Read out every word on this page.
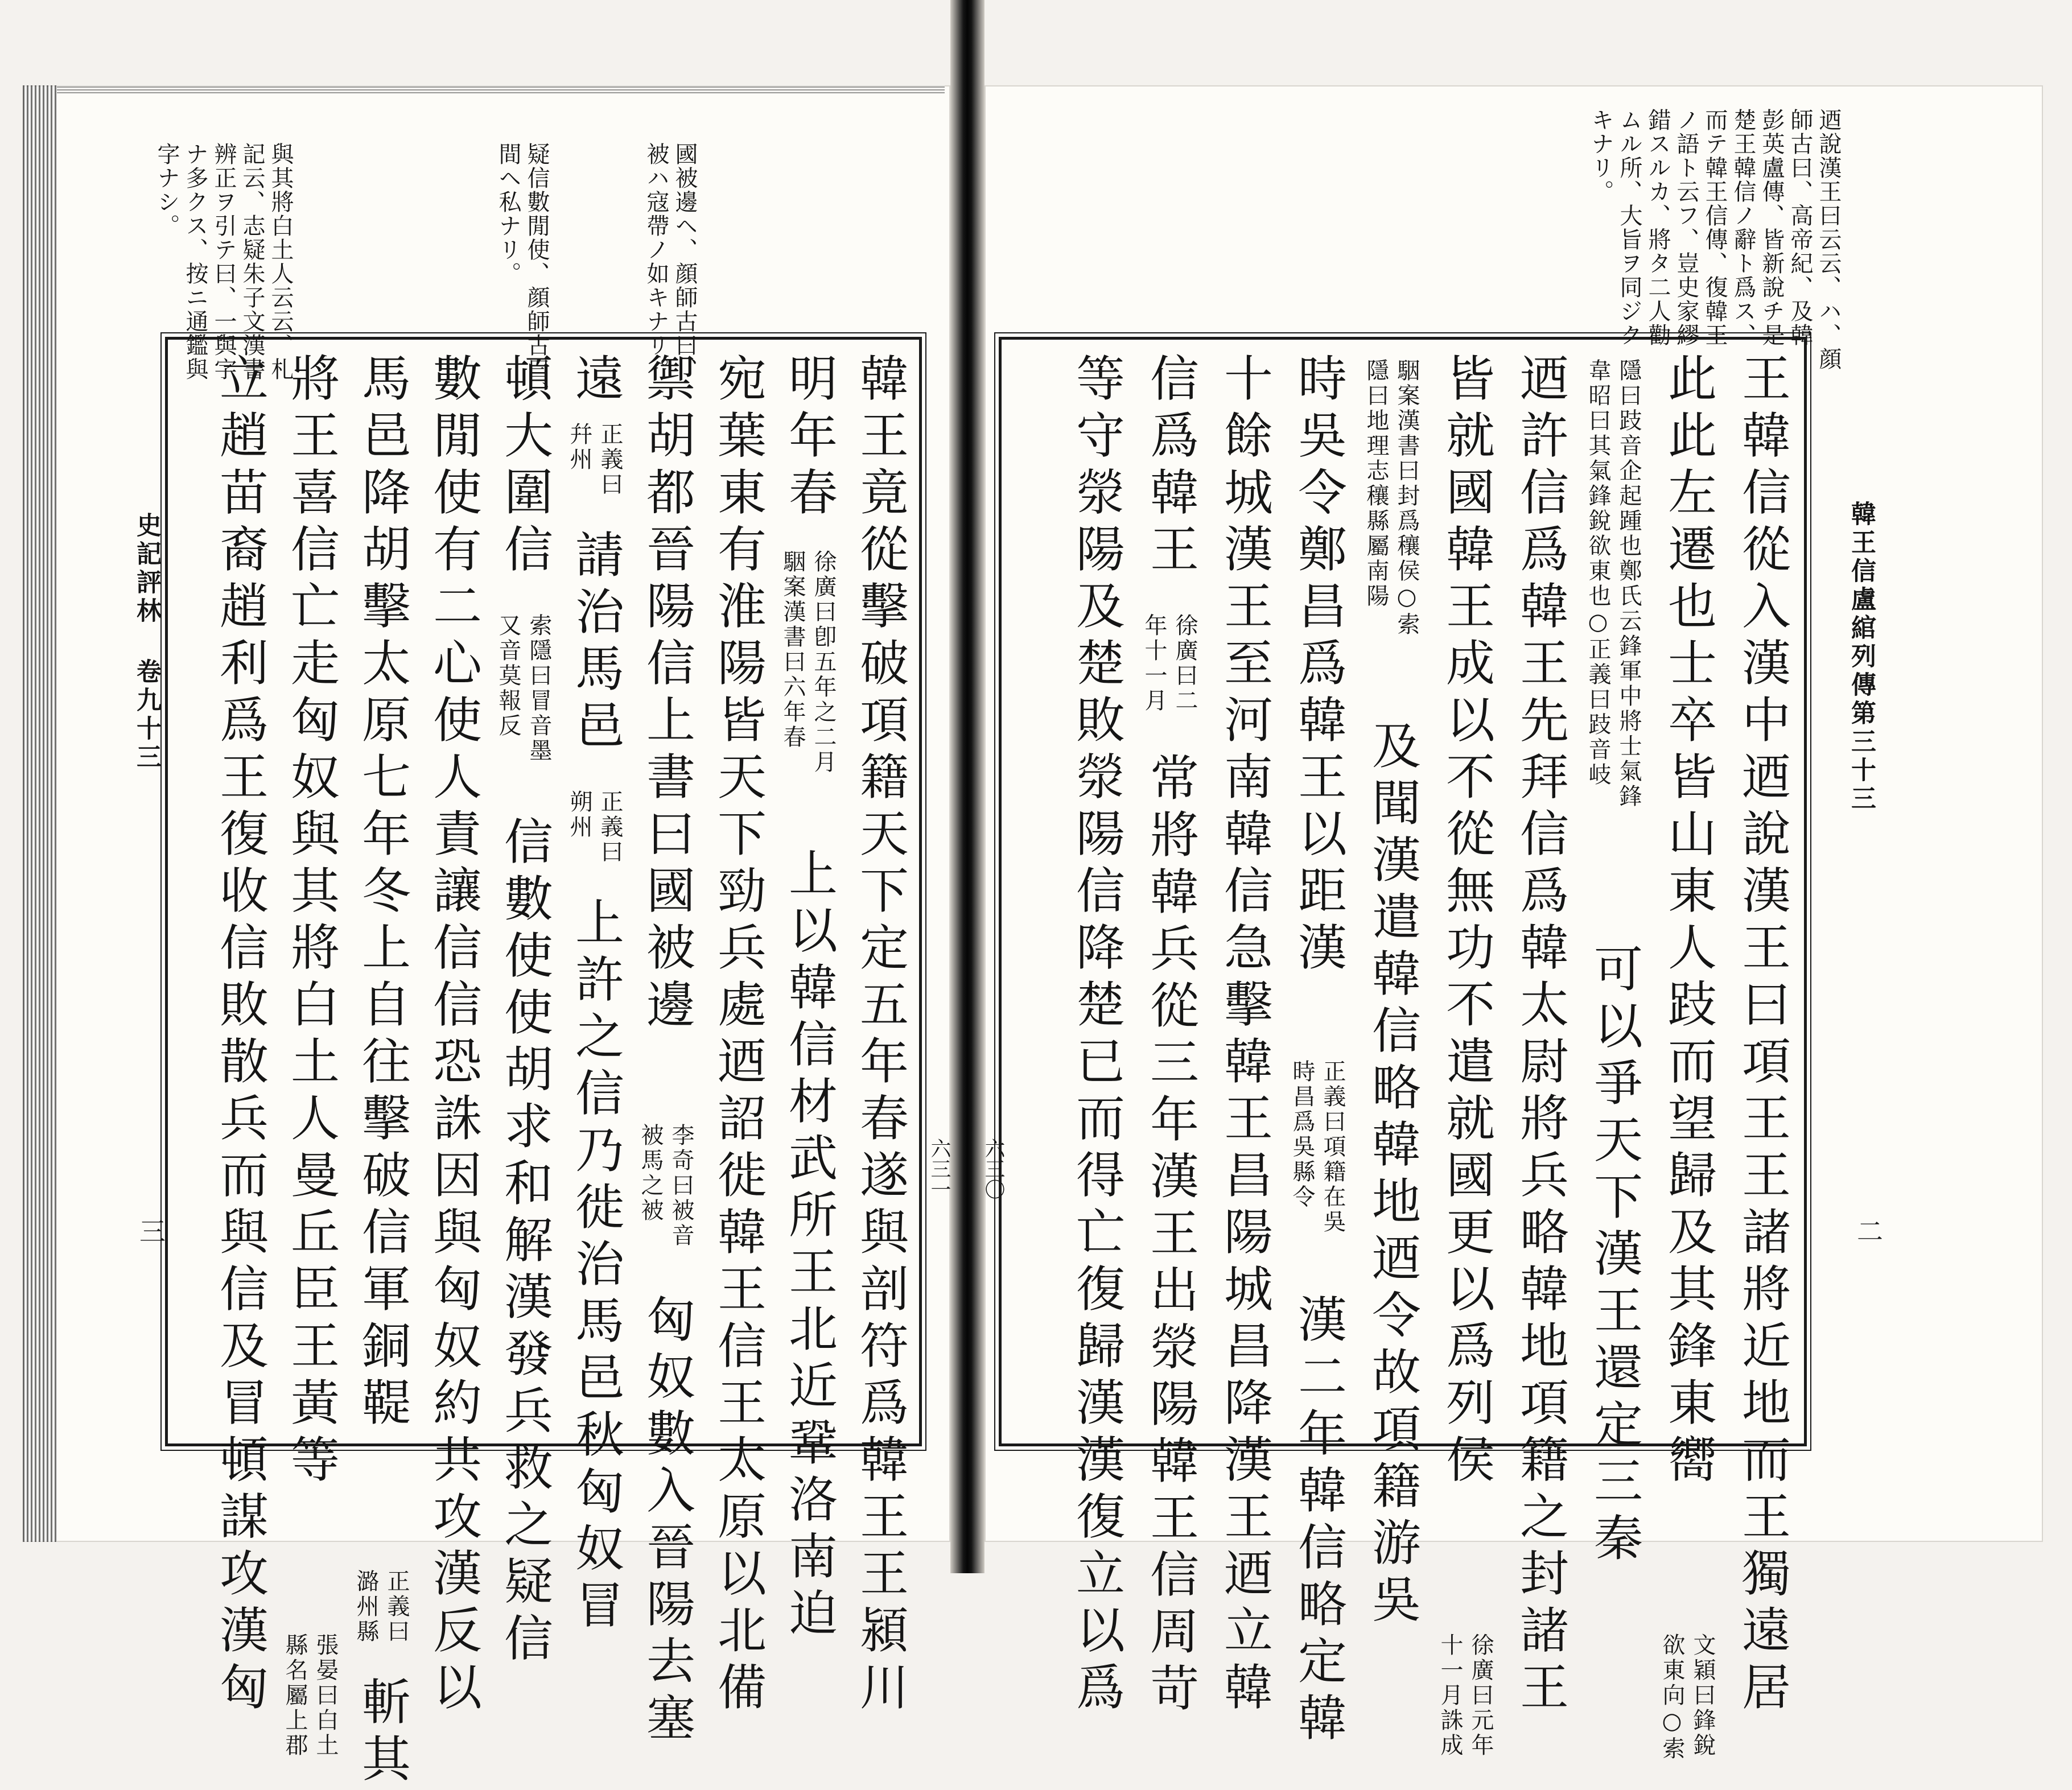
韓王信盧綰列傳第三十三
二
六三〇
史記評林 卷九十三
三
六三一
迺說漢王曰云云、ハ、顔
師古曰、高帝紀、及韓
彭英盧傳、皆新說チ是
楚王韓信ノ辭ト爲ス、
而テ韓王信傳、復韓王
ノ語ト云フ、豈史家繆
錯スルカ、將タ二人勸
ムル所、大旨ヲ同ジク
キナリ。
與其將白土人云云、札
記云、志疑朱子文漢書
辨正ヲ引テ曰、一與字
ナ多クス、按ニ通鑑與
字ナシ。	疑信數閒使、顔師古曰、
間ヘ私ナリ。	國被邊ヘ、顔師古曰、
被ハ寇帶ノ如キナリ。
王韓信從入漢中迺說漢王曰項王王諸將近地而王獨遠居
此此左遷也士卒皆山東人跂而望歸及其鋒東嚮
文穎曰鋒銳
欲東向○索
隱曰跂音企起踵也鄭氏云鋒軍中將士氣鋒
韋昭曰其氣鋒銳欲東也○正義曰跂音岐
可以爭天下漢王還定三秦
迺許信爲韓王先拜信爲韓太尉將兵略韓地項籍之封諸王
皆就國韓王成以不從無功不遣就國更以爲列侯
徐廣曰元年
十一月誅成
駰案漢書曰封爲穰侯○索
隱曰地理志穰縣屬南陽
及聞漢遣韓信略韓地迺令故項籍游吳
時吳令鄭昌爲韓王以距漢
正義曰項籍在吳
時昌爲吳縣令
漢二年韓信略定韓
十餘城漢王至河南韓信急擊韓王昌陽城昌降漢王迺立韓
信爲韓王
徐廣曰二
年十一月
常將韓兵從三年漢王出滎陽韓王信周苛
等守滎陽及楚敗滎陽信降楚已而得亡復歸漢漢復立以爲
韓王竟從擊破項籍天下定五年春遂與剖符爲韓王王潁川
明年春
徐廣曰卽五年之二月
駰案漢書曰六年春
上以韓信材武所王北近鞏洛南迫
宛葉東有淮陽皆天下勁兵處迺詔徙韓王信王太原以北備
禦胡都晉陽信上書曰國被邊
李奇曰被音
被馬之被
匈奴數入晉陽去塞
遠
正義曰
幷州
請治馬邑
正義曰
朔州
上許之信乃徙治馬邑秋匈奴冒
頓大圍信
索隱曰冒音墨
又音莫報反
信數使使胡求和解漢發兵救之疑信
數閒使有二心使人責讓信信恐誅因與匈奴約共攻漢反以
馬邑降胡擊太原七年冬上自往擊破信軍銅鞮
正義曰
潞州縣
斬其
將王喜信亡走匈奴與其將白土人曼丘臣王黃等
張晏曰白土
縣名屬上郡
立趙苗裔趙利爲王復收信敗散兵而與信及冒頓謀攻漢匈
